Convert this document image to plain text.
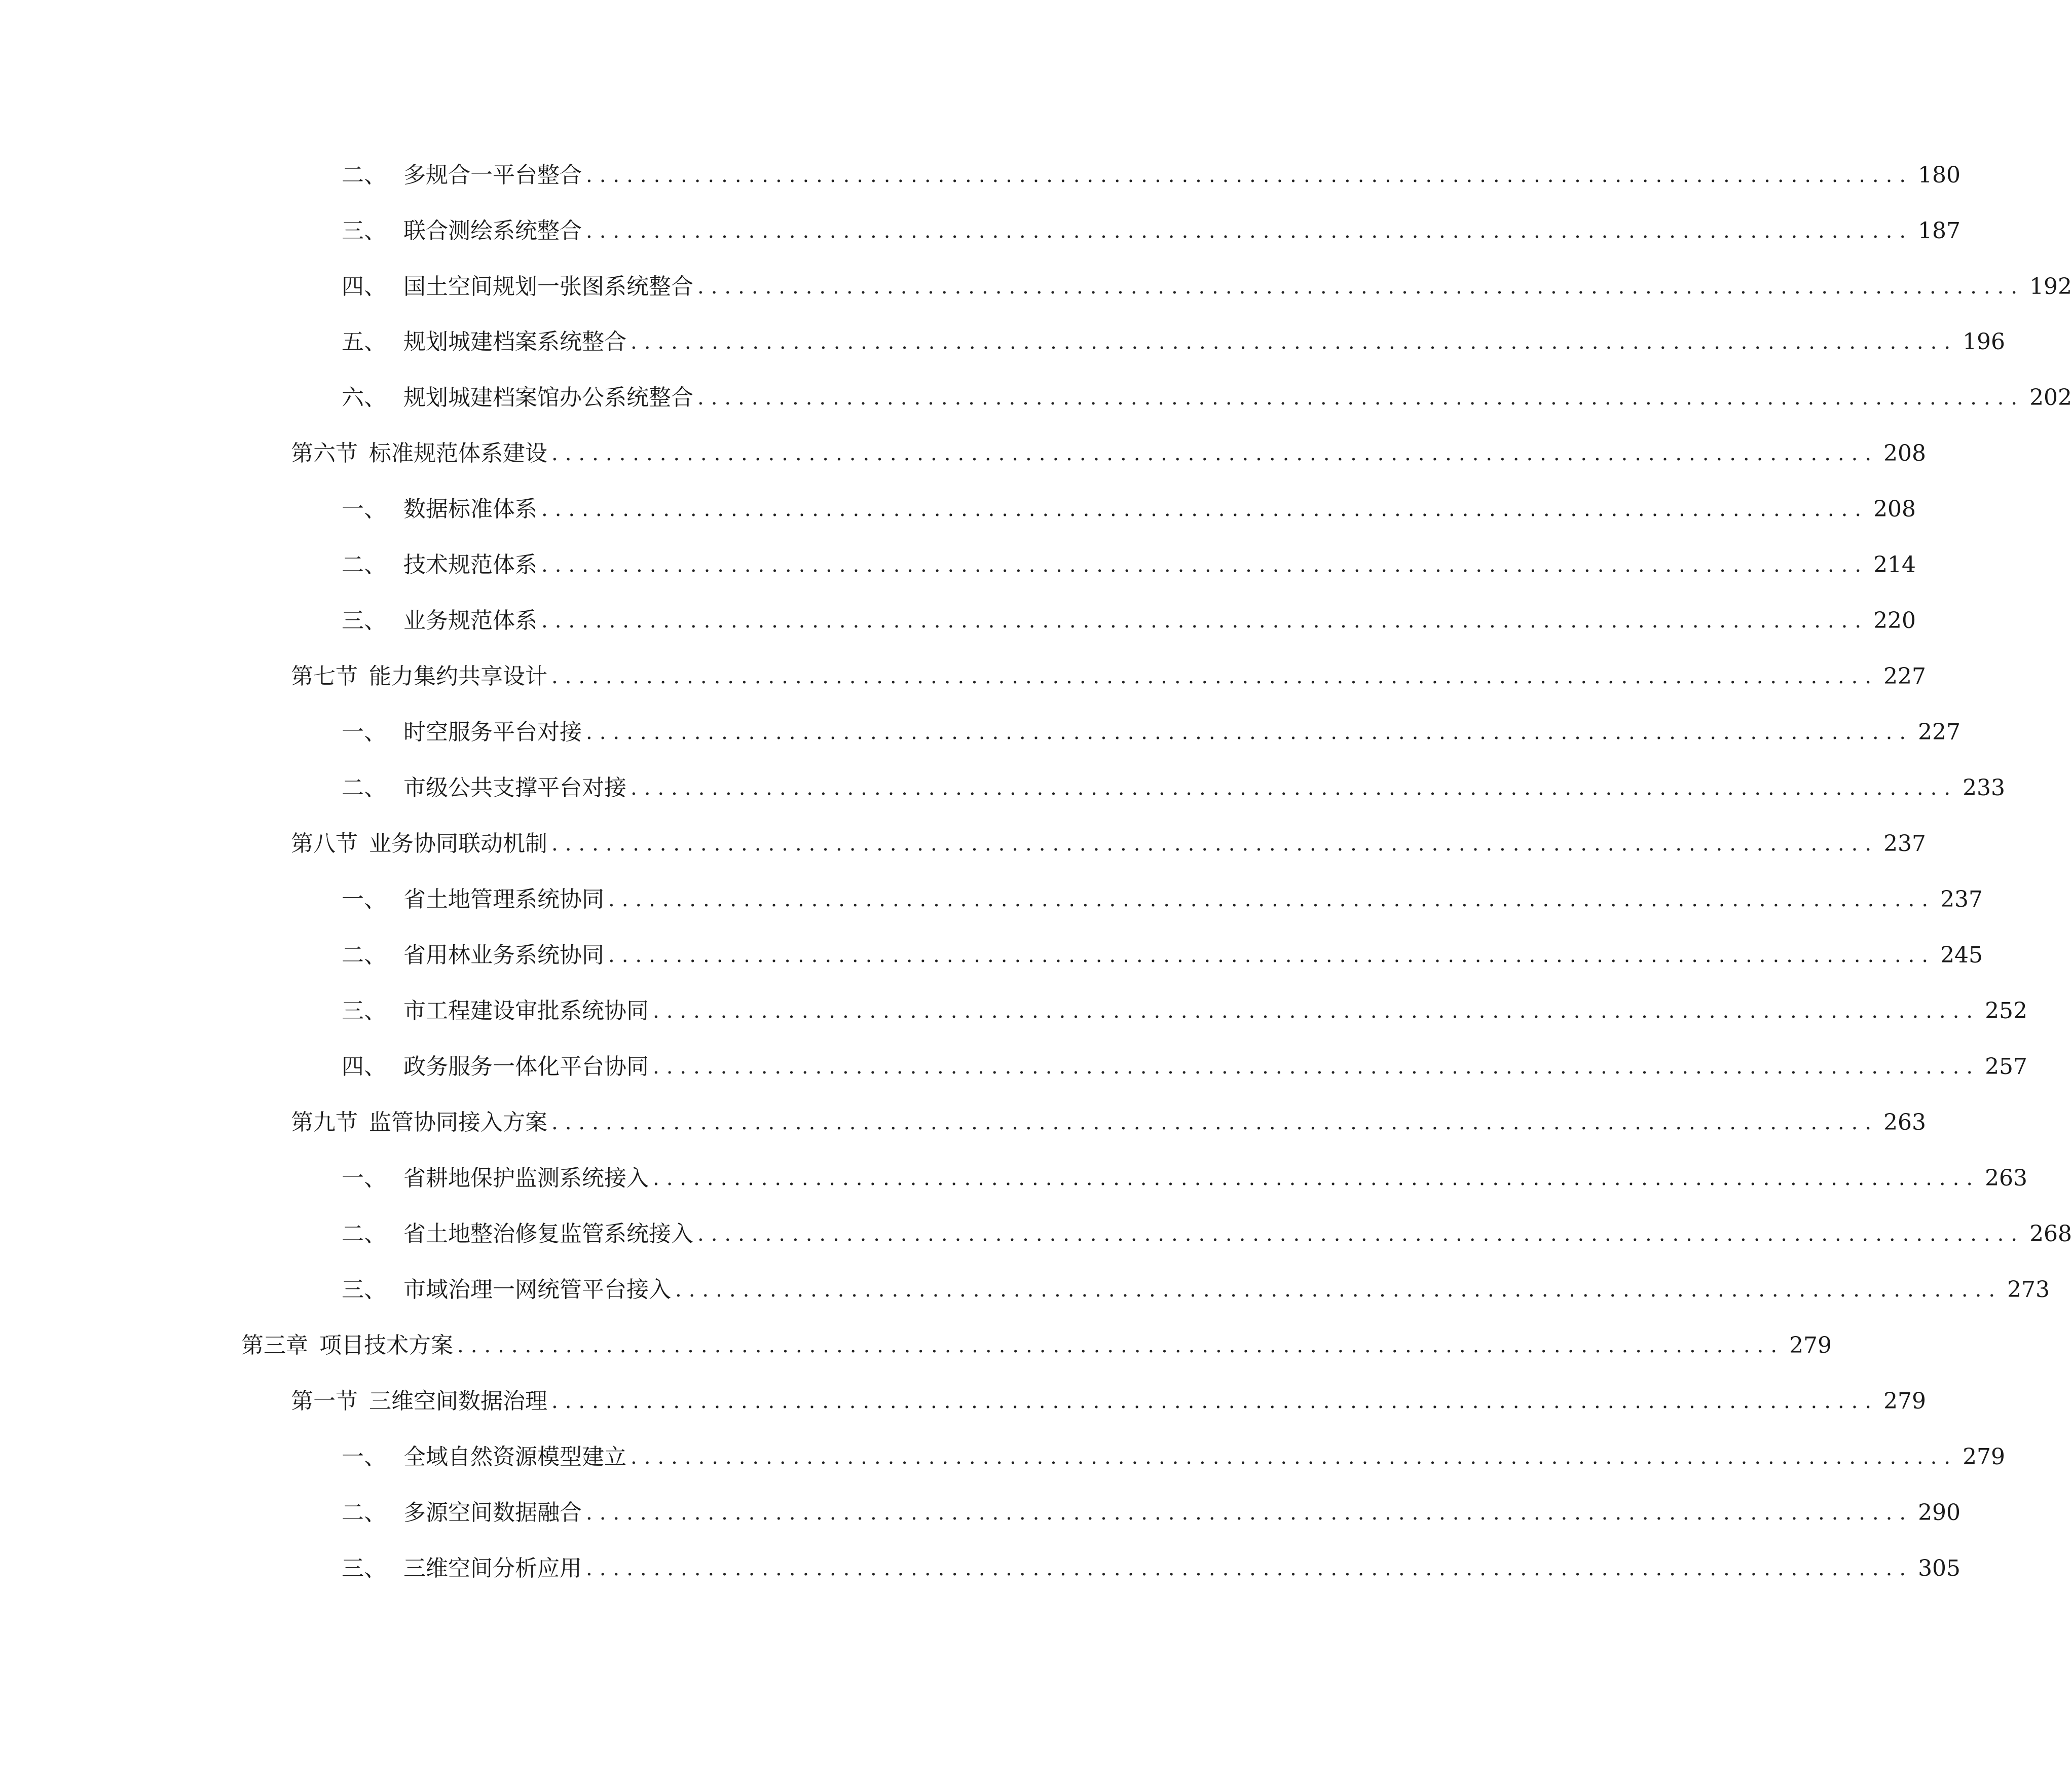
二、 多规合一平台整合 .................................................................................................. 180
三、 联合测绘系统整合 .................................................................................................. 187
四、 国土空间规划一张图系统整合 .................................................................................................. 192
五、 规划城建档案系统整合 .................................................................................................. 196
六、 规划城建档案馆办公系统整合 .................................................................................................. 202
第六节 标准规范体系建设 .................................................................................................. 208
一、 数据标准体系 .................................................................................................. 208
二、 技术规范体系 .................................................................................................. 214
三、 业务规范体系 .................................................................................................. 220
第七节 能力集约共享设计 .................................................................................................. 227
一、 时空服务平台对接 .................................................................................................. 227
二、 市级公共支撑平台对接 .................................................................................................. 233
第八节 业务协同联动机制 .................................................................................................. 237
一、 省土地管理系统协同 .................................................................................................. 237
二、 省用林业务系统协同 .................................................................................................. 245
三、 市工程建设审批系统协同 .................................................................................................. 252
四、 政务服务一体化平台协同 .................................................................................................. 257
第九节 监管协同接入方案 .................................................................................................. 263
一、 省耕地保护监测系统接入 .................................................................................................. 263
二、 省土地整治修复监管系统接入 .................................................................................................. 268
三、 市域治理一网统管平台接入 .................................................................................................. 273
第三章 项目技术方案 .................................................................................................. 279
第一节 三维空间数据治理 .................................................................................................. 279
一、 全域自然资源模型建立 .................................................................................................. 279
二、 多源空间数据融合 .................................................................................................. 290
三、 三维空间分析应用 .................................................................................................. 305
